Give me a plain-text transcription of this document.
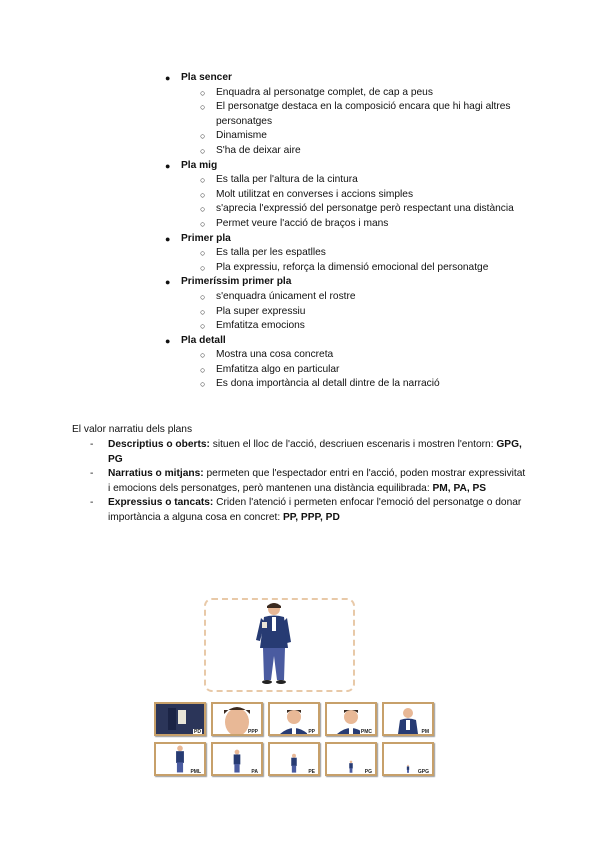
● Pla sencer
○ Enquadra al personatge complet, de cap a peus
○ El personatge destaca en la composició encara que hi hagi altres personatges
○ Dinamisme
○ S'ha de deixar aire
● Pla mig
○ Es talla per l'altura de la cintura
○ Molt utilitzat en converses i accions simples
○ s'aprecia l'expressió del personatge però respectant una distància
○ Permet veure l'acció de braços i mans
● Primer pla
○ Es talla per les espatlles
○ Pla expressiu, reforça la dimensió emocional del personatge
● Primeríssim primer pla
○ s'enquadra únicament el rostre
○ Pla super expressiu
○ Emfatitza emocions
● Pla detall
○ Mostra una cosa concreta
○ Emfatitza algo en particular
○ Es dona importància al detall dintre de la narració
El valor narratiu dels plans
- Descriptius o oberts: situen el lloc de l'acció, descriuen escenaris i mostren l'entorn: GPG, PG
- Narratius o mitjans: permeten que l'espectador entri en l'acció, poden mostrar expressivitat i emocions dels personatges, però mantenen una distància equilibrada: PM, PA, PS
- Expressius o tancats: Criden l'atenció i permeten enfocar l'emoció del personatge o donar importància a alguna cosa en concret: PP, PPP, PD
PD	PPP	PP	PMC	PM
PML	PA	PE	PG	GPG
